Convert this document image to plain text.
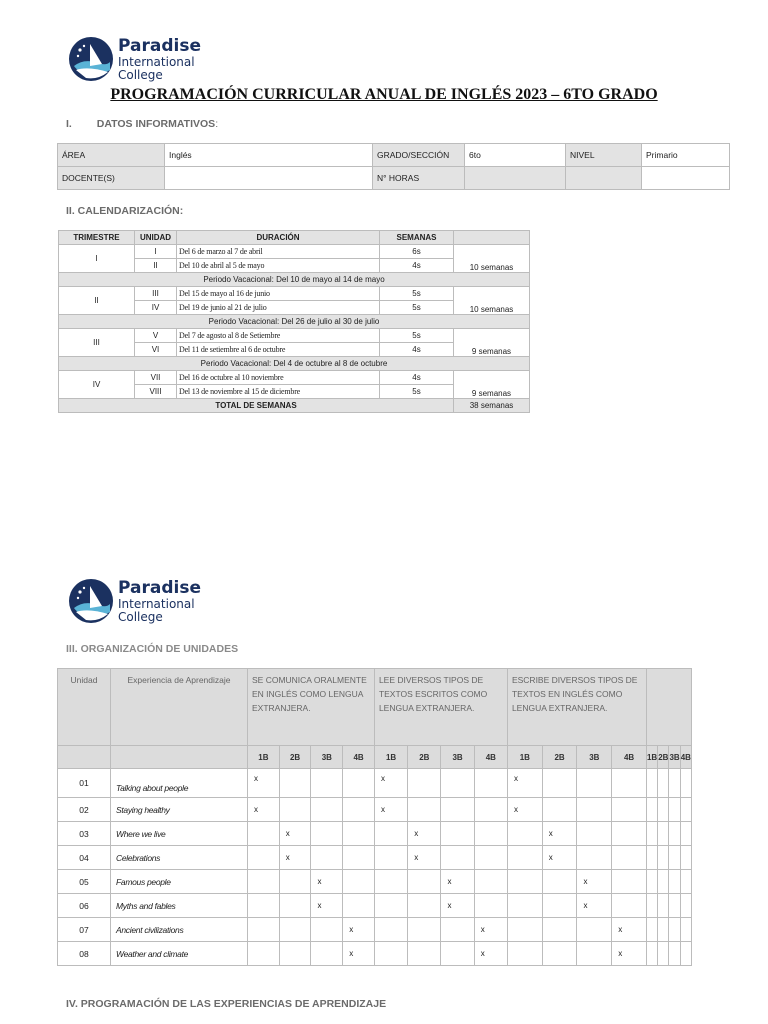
Paradise
International
College
PROGRAMACIÓN CURRICULAR ANUAL DE INGLÉS 2023 – 6TO GRADO
I. DATOS INFORMATIVOS:
ÁREA	Inglés	GRADO/SECCIÓN	6to	NIVEL	Primario
DOCENTE(S)		N° HORAS			
II. CALENDARIZACIÓN:
TRIMESTRE	UNIDAD	DURACIÓN	SEMANAS	
I	I	Del 6 de marzo al 7 de abril	6s	10 semanas
	II	Del 10 de abril al 5 de mayo	4s	
Periodo Vacacional: Del 10 de mayo al 14 de mayo				
II	III	Del 15 de mayo al 16 de junio	5s	10 semanas
	IV	Del 19 de junio al 21 de julio	5s	
Periodo Vacacional: Del 26 de julio al 30 de julio				
III	V	Del 7 de agosto al 8 de Setiembre	5s	9 semanas
	VI	Del 11 de setiembre al 6 de octubre	4s	
Periodo Vacacional: Del 4 de octubre al 8 de octubre				
IV	VII	Del 16 de octubre al 10 noviembre	4s	9 semanas
	VIII	Del 13 de noviembre al 15 de diciembre	5s	
TOTAL DE SEMANAS				38 semanas
Paradise
International
College
III. ORGANIZACIÓN DE UNIDADES
Unidad	Experiencia de Aprendizaje	SE COMUNICA ORALMENTE EN INGLÉS COMO LENGUA EXTRANJERA.				LEE DIVERSOS TIPOS DE TEXTOS ESCRITOS COMO LENGUA EXTRANJERA.				ESCRIBE DIVERSOS TIPOS DE TEXTOS EN INGLÉS COMO LENGUA EXTRANJERA.							
		1B	2B	3B	4B	1B	2B	3B	4B	1B	2B	3B	4B	1B	2B	3B	4B
01	Talking about people	x				x				x							
02	Staying healthy	x				x				x							
03	Where we live		x				x				x						
04	Celebrations		x				x				x						
05	Famous people			x				x				x					
06	Myths and fables			x				x				x					
07	Ancient civilizations				x				x				x				
08	Weather and climate				x				x				x				
IV. PROGRAMACIÓN DE LAS EXPERIENCIAS DE APRENDIZAJE
